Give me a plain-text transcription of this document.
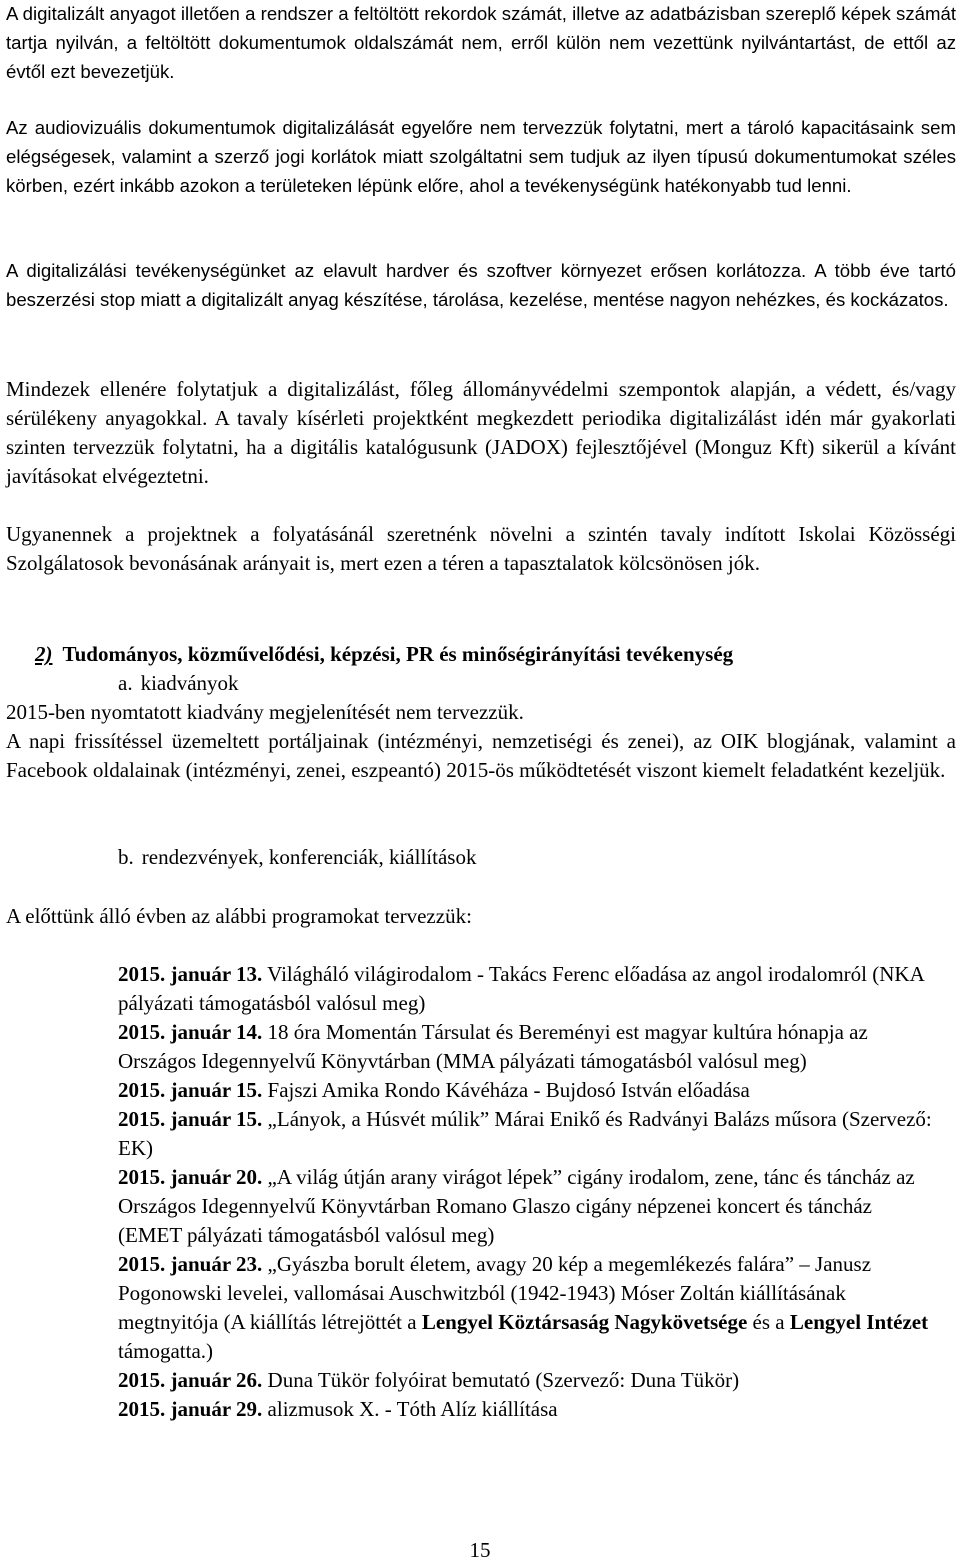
A digitalizált anyagot illetően a rendszer a feltöltött rekordok számát, illetve az adatbázisban szereplő képek számát tartja nyilván, a feltöltött dokumentumok oldalszámát nem, erről külön nem vezettünk nyilvántartást, de ettől az évtől ezt bevezetjük.

Az audiovizuális dokumentumok digitalizálását egyelőre nem tervezzük folytatni, mert a tároló kapacitásaink sem elégségesek, valamint a szerző jogi korlátok miatt szolgáltatni sem tudjuk az ilyen típusú dokumentumokat széles körben, ezért inkább azokon a területeken lépünk előre, ahol a tevékenységünk hatékonyabb tud lenni.

A digitalizálási tevékenységünket az elavult hardver és szoftver környezet erősen korlátozza. A több éve tartó beszerzési stop miatt a digitalizált anyag készítése, tárolása, kezelése, mentése nagyon nehézkes, és kockázatos.

Mindezek ellenére folytatjuk a digitalizálást, főleg állományvédelmi szempontok alapján, a védett, és/vagy sérülékeny anyagokkal. A tavaly kísérleti projektként megkezdett periodika digitalizálást idén már gyakorlati szinten tervezzük folytatni, ha a digitális katalógusunk (JADOX) fejlesztőjével (Monguz Kft) sikerül a kívánt javításokat elvégeztetni.

Ugyanennek a projektnek a folyatásánál szeretnénk növelni a szintén tavaly indított Iskolai Közösségi Szolgálatosok bevonásának arányait is, mert ezen a téren a tapasztalatok kölcsönösen jók.

2) Tudományos, közművelődési, képzési, PR és minőségirányítási tevékenység
a. kiadványok

2015-ben nyomtatott kiadvány megjelenítését nem tervezzük.

A napi frissítéssel üzemeltett portáljainak (intézményi, nemzetiségi és zenei), az OIK blogjának, valamint a Facebook oldalainak (intézményi, zenei, eszpeantó) 2015-ös működtetését viszont kiemelt feladatként kezeljük.

b. rendezvények, konferenciák, kiállítások

A előttünk álló évben az alábbi programokat tervezzük:

2015. január 13. Világháló világirodalom - Takács Ferenc előadása az angol irodalomról (NKA pályázati támogatásból valósul meg)
2015. január 14. 18 óra Momentán Társulat és Bereményi est magyar kultúra hónapja az Országos Idegennyelvű Könyvtárban (MMA pályázati támogatásból valósul meg)
2015. január 15. Fajszi Amika Rondo Kávéháza - Bujdosó István előadása
2015. január 15. „Lányok, a Húsvét múlik” Márai Enikő és Radványi Balázs műsora (Szervező: EK)
2015. január 20. „A világ útján arany virágot lépek” cigány irodalom, zene, tánc és táncház az Országos Idegennyelvű Könyvtárban Romano Glaszo cigány népzenei koncert és táncház (EMET pályázati támogatásból valósul meg)
2015. január 23. „Gyászba borult életem, avagy 20 kép a megemlékezés falára” – Janusz Pogonowski levelei, vallomásai Auschwitzból (1942-1943) Móser Zoltán kiállításának megtnyitója (A kiállítás létrejöttét a Lengyel Köztársaság Nagykövetsége és a Lengyel Intézet támogatta.)
2015. január 26. Duna Tükör folyóirat bemutató (Szervező: Duna Tükör)
2015. január 29. alizmusok X. - Tóth Alíz kiállítása
15
